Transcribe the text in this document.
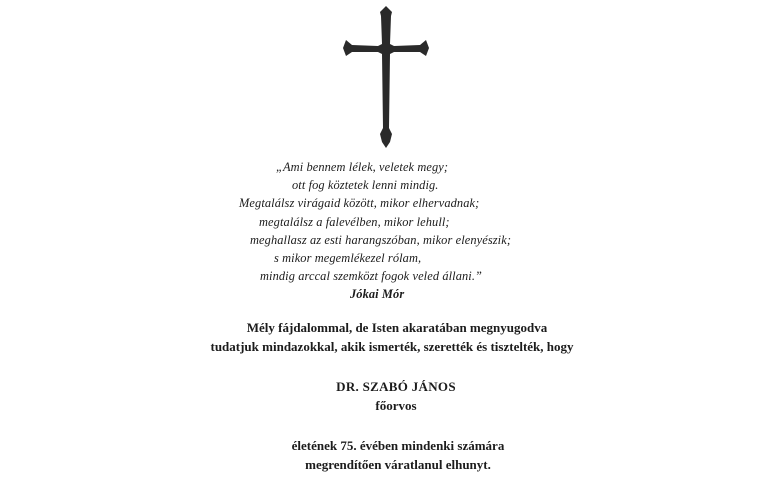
„Ami bennem lélek, veletek megy;
ott fog köztetek lenni mindig.
Megtalálsz virágaid között, mikor elhervadnak;
megtalálsz a falevélben, mikor lehull;
meghallasz az esti harangszóban, mikor elenyészik;
s mikor megemlékezel rólam,
mindig arccal szemközt fogok veled állani.”
Jókai Mór
Mély fájdalommal, de Isten akaratában megnyugodva
tudatjuk mindazokkal, akik ismerték, szerették és tisztelték, hogy
DR. SZABÓ JÁNOS
főorvos
életének 75. évében mindenki számára
megrendítően váratlanul elhunyt.
